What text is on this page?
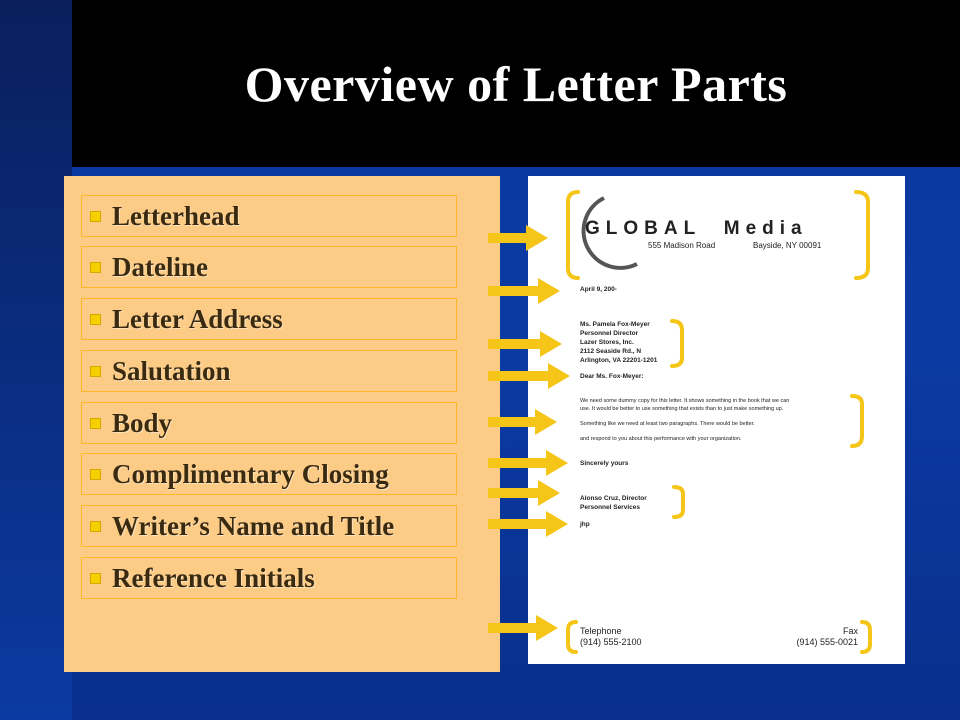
Overview of Letter Parts
Letterhead
Dateline
Letter Address
Salutation
Body
Complimentary Closing
Writer’s Name and Title
Reference Initials
GLOBAL Media
555 Madison Road	Bayside, NY 00091
April 9, 200-
Ms. Pamela Fox-Meyer
Personnel Director
Lazer Stores, Inc.
2112 Seaside Rd., N
Arlington, VA 22201-1201
Dear Ms. Fox-Meyer:
We need some dummy copy for this letter. It shows something in the book that we can
use. It would be better to use something that exists than to just make something up.
Something like we need at least two paragraphs. There would be better.
and respond to you about this performance with your organization.
Sincerely yours
Alonso Cruz, Director
Personnel Services
jhp
Telephone
(914) 555-2100
Fax
(914) 555-0021
